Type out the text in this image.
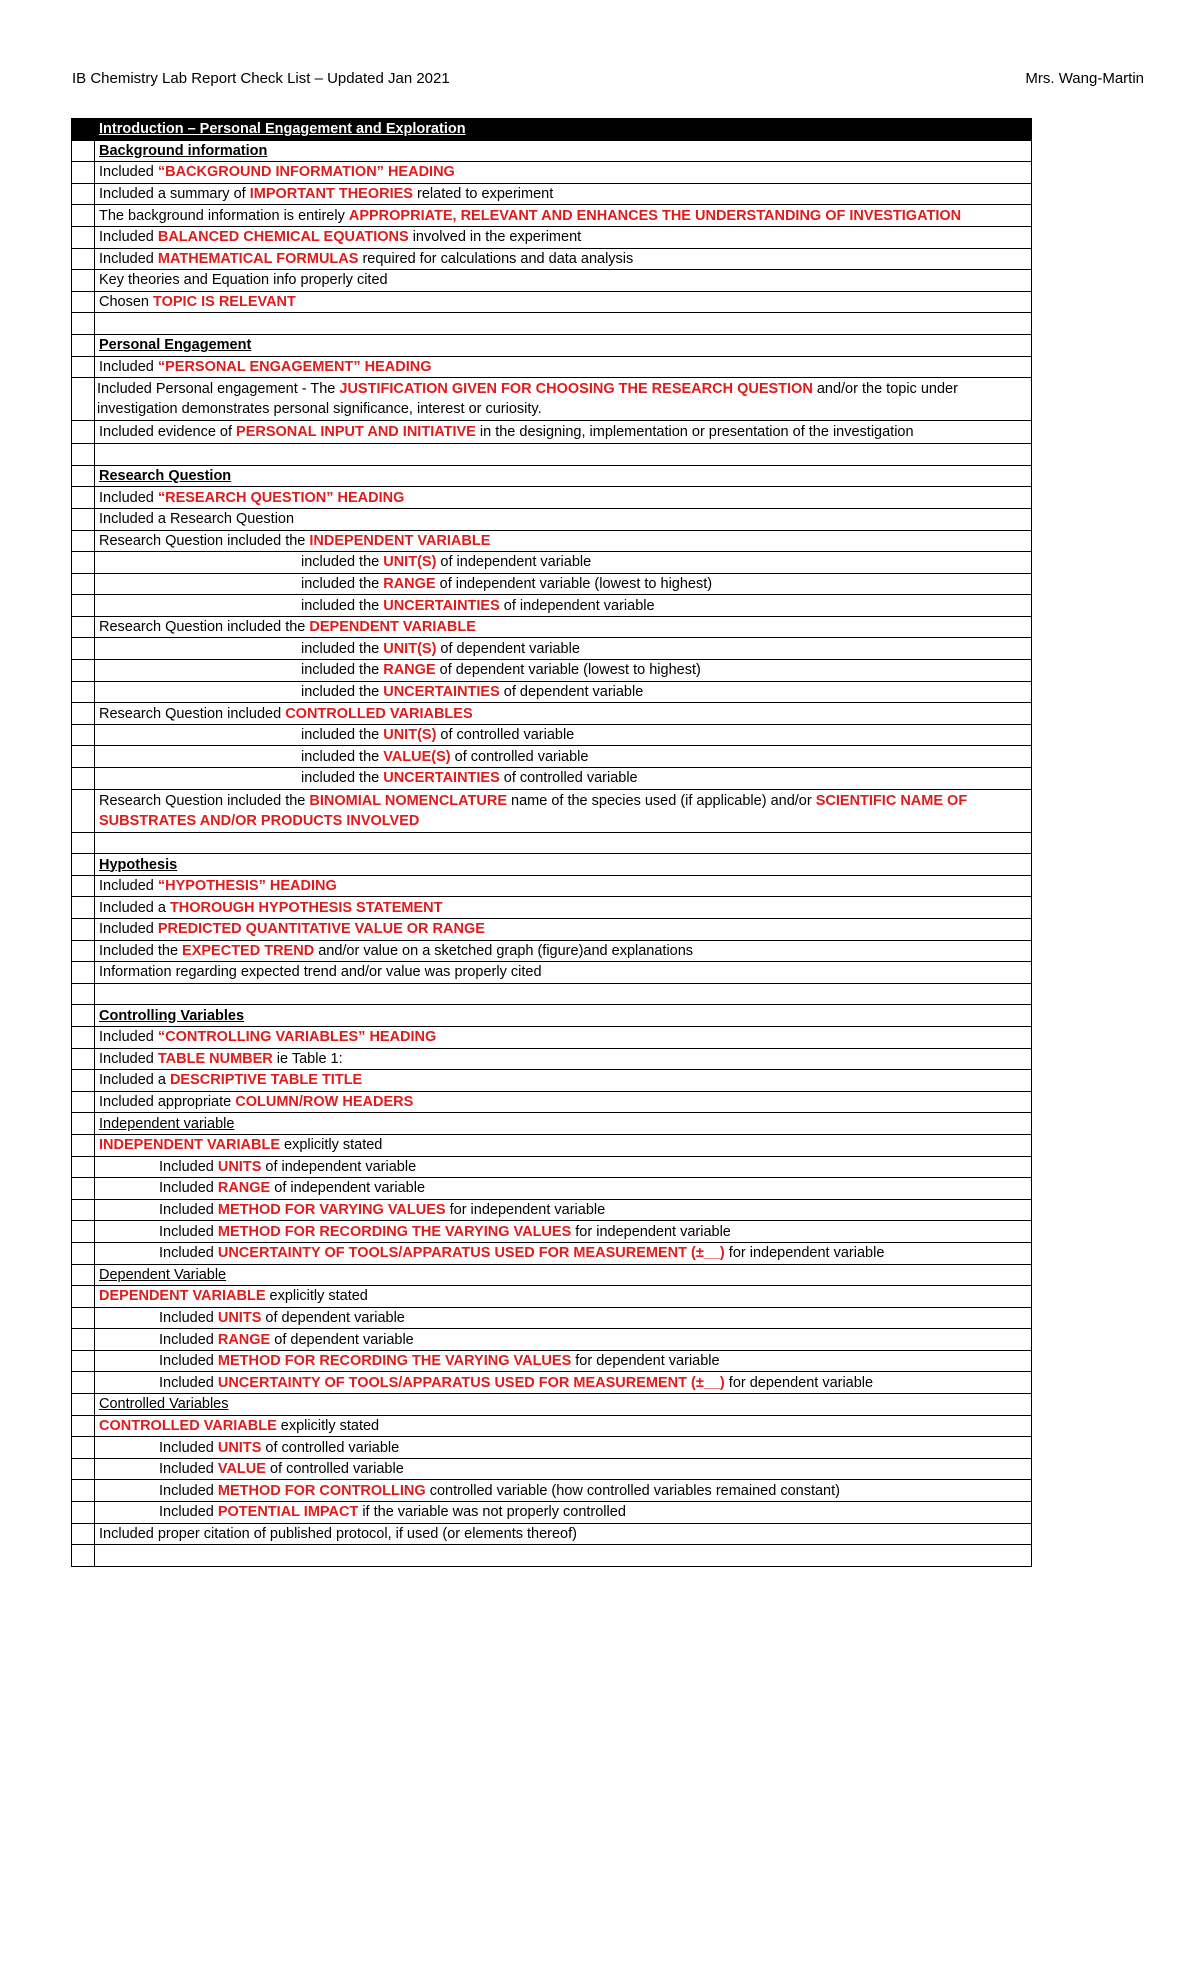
IB Chemistry Lab Report Check List – Updated Jan 2021	Mrs. Wang-Martin
	Introduction – Personal Engagement and Exploration
	Background information
	Included “BACKGROUND INFORMATION” HEADING
	Included a summary of IMPORTANT THEORIES related to experiment
	The background information is entirely APPROPRIATE, RELEVANT AND ENHANCES THE UNDERSTANDING OF INVESTIGATION
	Included BALANCED CHEMICAL EQUATIONS involved in the experiment
	Included MATHEMATICAL FORMULAS required for calculations and data analysis
	Key theories and Equation info properly cited
	Chosen TOPIC IS RELEVANT

	Personal Engagement
	Included “PERSONAL ENGAGEMENT” HEADING
	Included Personal engagement - The JUSTIFICATION GIVEN FOR CHOOSING THE RESEARCH QUESTION and/or the topic under investigation demonstrates personal significance, interest or curiosity.
	Included evidence of PERSONAL INPUT AND INITIATIVE in the designing, implementation or presentation of the investigation

	Research Question
	Included “RESEARCH QUESTION” HEADING
	Included a Research Question
	Research Question included the INDEPENDENT VARIABLE
	included the UNIT(S) of independent variable
	included the RANGE of independent variable (lowest to highest)
	included the UNCERTAINTIES of independent variable
	Research Question included the DEPENDENT VARIABLE
	included the UNIT(S) of dependent variable
	included the RANGE of dependent variable (lowest to highest)
	included the UNCERTAINTIES of dependent variable
	Research Question included CONTROLLED VARIABLES
	included the UNIT(S) of controlled variable
	included the VALUE(S) of controlled variable
	included the UNCERTAINTIES of controlled variable
	Research Question included the BINOMIAL NOMENCLATURE name of the species used (if applicable) and/or SCIENTIFIC NAME OF SUBSTRATES AND/OR PRODUCTS INVOLVED

	Hypothesis
	Included “HYPOTHESIS” HEADING
	Included a THOROUGH HYPOTHESIS STATEMENT
	Included PREDICTED QUANTITATIVE VALUE OR RANGE
	Included the EXPECTED TREND and/or value on a sketched graph (figure)and explanations
	Information regarding expected trend and/or value was properly cited

	Controlling Variables
	Included “CONTROLLING VARIABLES” HEADING
	Included TABLE NUMBER ie Table 1:
	Included a DESCRIPTIVE TABLE TITLE
	Included appropriate COLUMN/ROW HEADERS
	Independent variable
	INDEPENDENT VARIABLE explicitly stated
	Included UNITS of independent variable
	Included RANGE of independent variable
	Included METHOD FOR VARYING VALUES for independent variable
	Included METHOD FOR RECORDING THE VARYING VALUES for independent variable
	Included UNCERTAINTY OF TOOLS/APPARATUS USED FOR MEASUREMENT (±__) for independent variable
	Dependent Variable
	DEPENDENT VARIABLE explicitly stated
	Included UNITS of dependent variable
	Included RANGE of dependent variable
	Included METHOD FOR RECORDING THE VARYING VALUES for dependent variable
	Included UNCERTAINTY OF TOOLS/APPARATUS USED FOR MEASUREMENT (±__) for dependent variable
	Controlled Variables
	CONTROLLED VARIABLE explicitly stated
	Included UNITS of controlled variable
	Included VALUE of controlled variable
	Included METHOD FOR CONTROLLING controlled variable (how controlled variables remained constant)
	Included POTENTIAL IMPACT if the variable was not properly controlled
	Included proper citation of published protocol, if used (or elements thereof)
